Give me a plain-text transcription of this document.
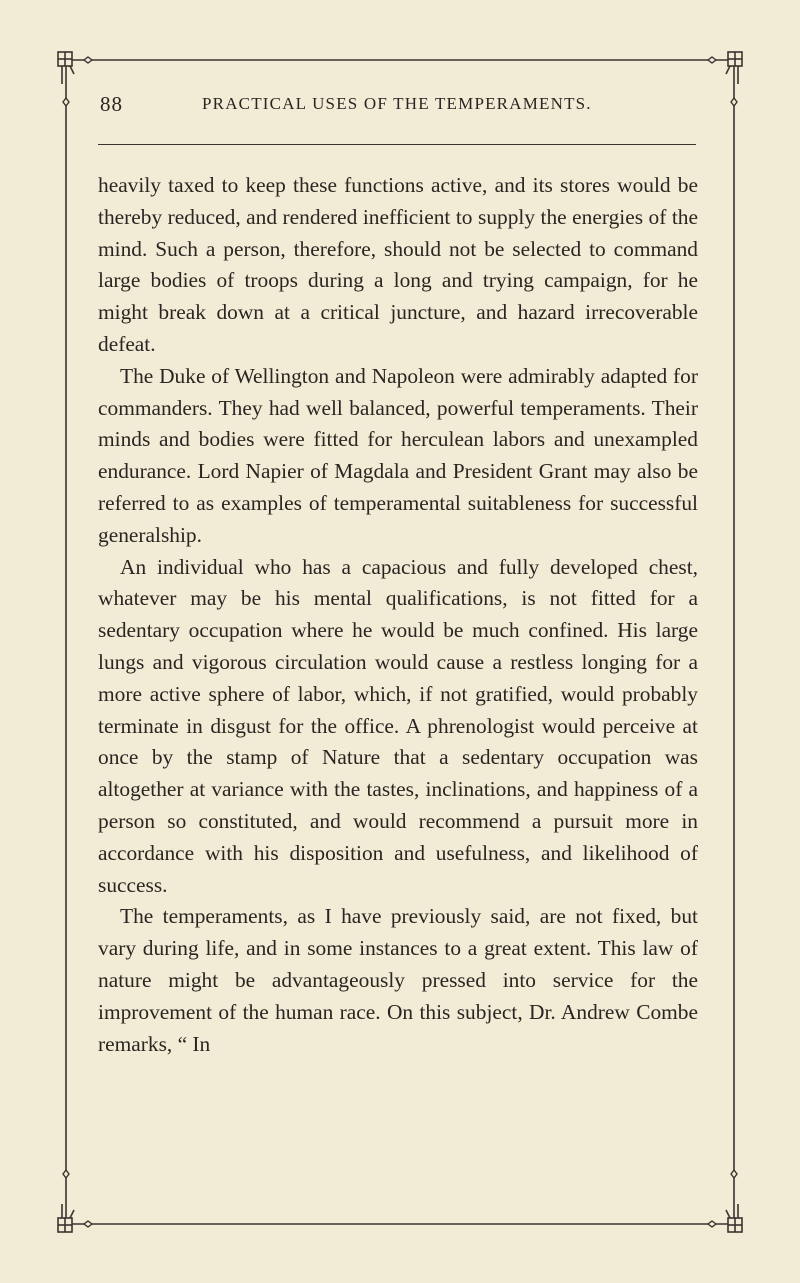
88	PRACTICAL USES OF THE TEMPERAMENTS.

heavily taxed to keep these functions active, and its stores would be thereby reduced, and rendered inefficient to supply the energies of the mind. Such a person, therefore, should not be selected to command large bodies of troops during a long and trying campaign, for he might break down at a critical juncture, and hazard irrecoverable defeat.

The Duke of Wellington and Napoleon were admirably adapted for commanders. They had well balanced, powerful temperaments. Their minds and bodies were fitted for herculean labors and unexampled endurance. Lord Napier of Magdala and President Grant may also be referred to as examples of temperamental suitableness for successful generalship.

An individual who has a capacious and fully developed chest, whatever may be his mental qualifications, is not fitted for a sedentary occupation where he would be much confined. His large lungs and vigorous circulation would cause a restless longing for a more active sphere of labor, which, if not gratified, would probably terminate in disgust for the office. A phrenologist would perceive at once by the stamp of Nature that a sedentary occupation was altogether at variance with the tastes, inclinations, and happiness of a person so constituted, and would recommend a pursuit more in accordance with his disposition and usefulness, and likelihood of success.

The temperaments, as I have previously said, are not fixed, but vary during life, and in some instances to a great extent. This law of nature might be advantageously pressed into service for the improvement of the human race. On this subject, Dr. Andrew Combe remarks, “ In
